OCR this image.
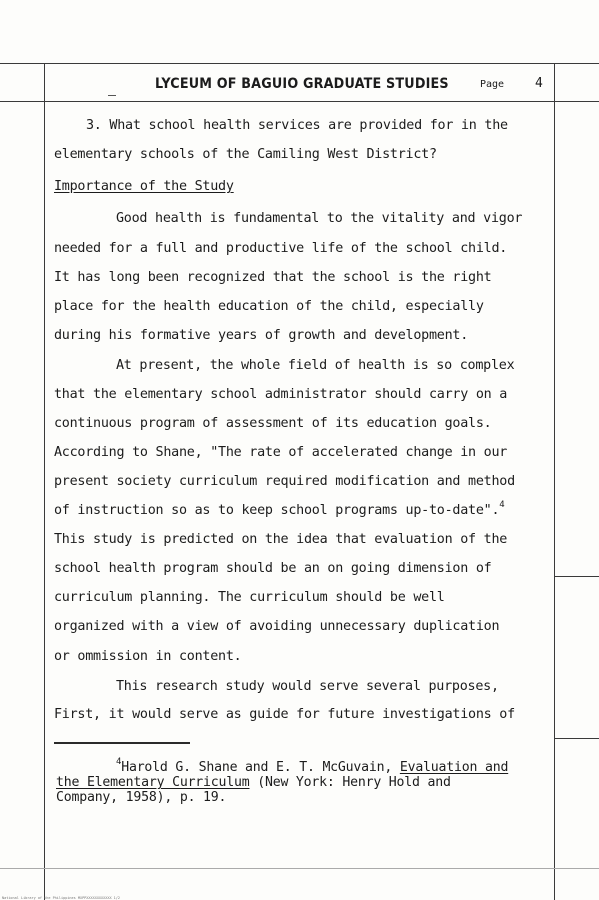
LYCEUM OF BAGUIO GRADUATE STUDIES	Page 4
3. What school health services are provided for in the
elementary schools of the Camiling West District?
Importance of the Study
Good health is fundamental to the vitality and vigor
needed for a full and productive life of the school child.
It has long been recognized that the school is the right
place for the health education of the child, especially
during his formative years of growth and development.
At present, the whole field of health is so complex
that the elementary school administrator should carry on a
continuous program of assessment of its education goals.
According to Shane, "The rate of accelerated change in our
present society curriculum required modification and method
of instruction so as to keep school programs up-to-date".$^4$
This study is predicted on the idea that evaluation of the
school health program should be an on going dimension of
curriculum planning. The curriculum should be well
organized with a view of avoiding unnecessary duplication
or ommission in content.
This research study would serve several purposes,
First, it would serve as guide for future investigations of
$^4$Harold G. Shane and E. T. McGuvain, Evaluation and
the Elementary Curriculum (New York: Henry Hold and
Company, 1958), p. 19.
National Library of the Philippines MXPPXXXXXXXXXXXX 1/2
